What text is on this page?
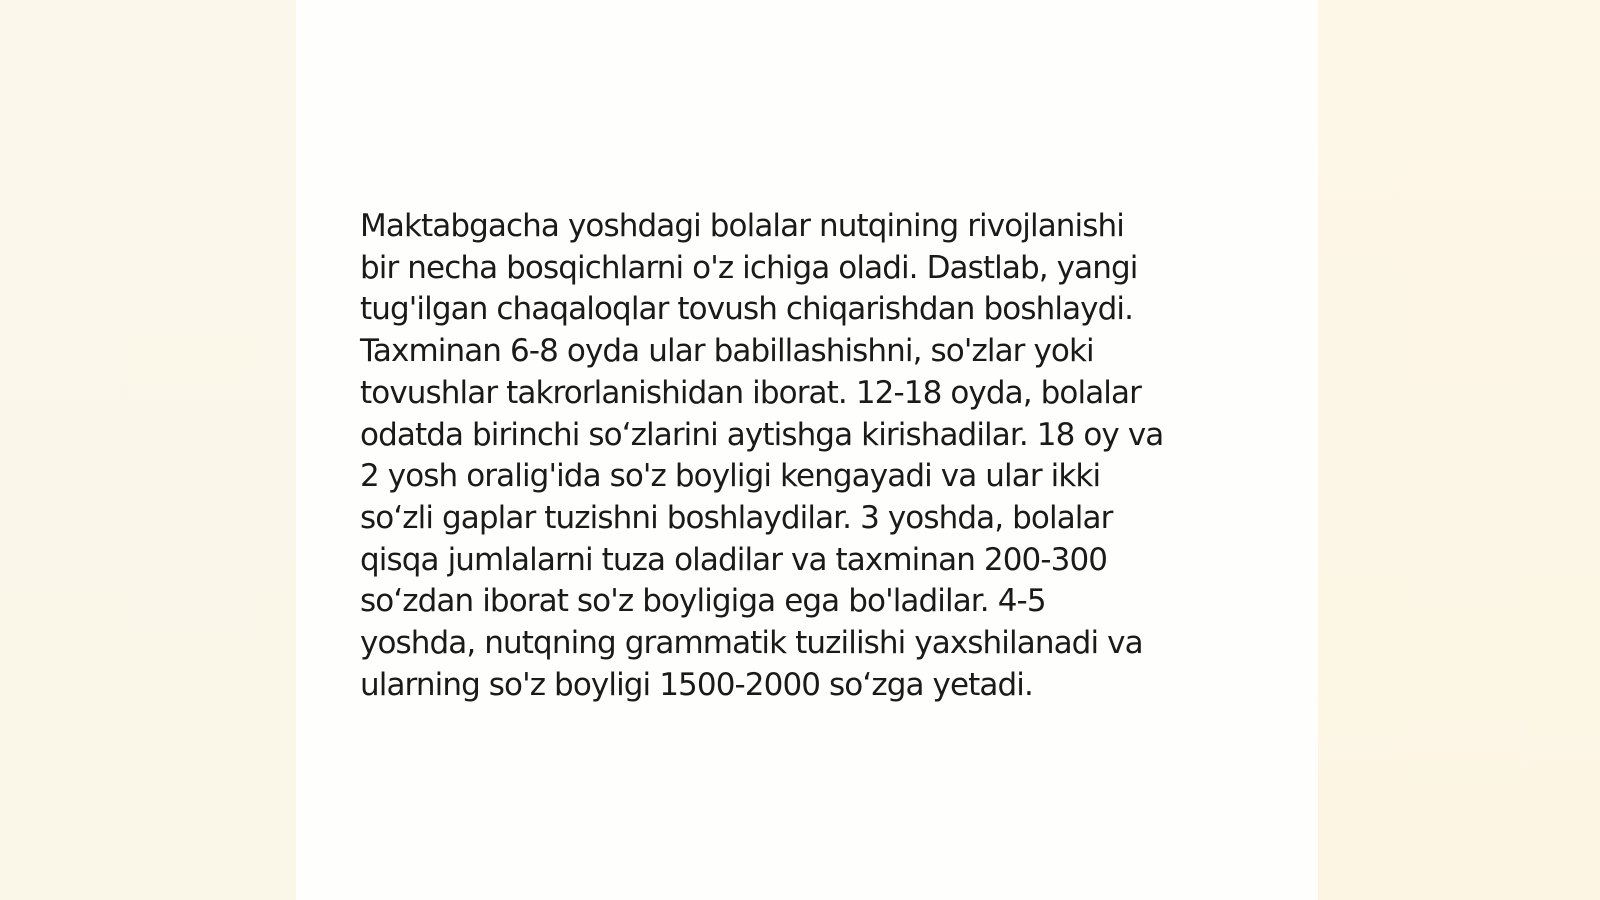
Maktabgacha yoshdagi bolalar nutqining rivojlanishi
bir necha bosqichlarni o'z ichiga oladi. Dastlab, yangi
tug'ilgan chaqaloqlar tovush chiqarishdan boshlaydi.
Taxminan 6-8 oyda ular babillashishni, so'zlar yoki
tovushlar takrorlanishidan iborat. 12-18 oyda, bolalar
odatda birinchi so‘zlarini aytishga kirishadilar. 18 oy va
2 yosh oralig'ida so'z boyligi kengayadi va ular ikki
so‘zli gaplar tuzishni boshlaydilar. 3 yoshda, bolalar
qisqa jumlalarni tuza oladilar va taxminan 200-300
so‘zdan iborat so'z boyligiga ega bo'ladilar. 4-5
yoshda, nutqning grammatik tuzilishi yaxshilanadi va
ularning so'z boyligi 1500-2000 so‘zga yetadi.
